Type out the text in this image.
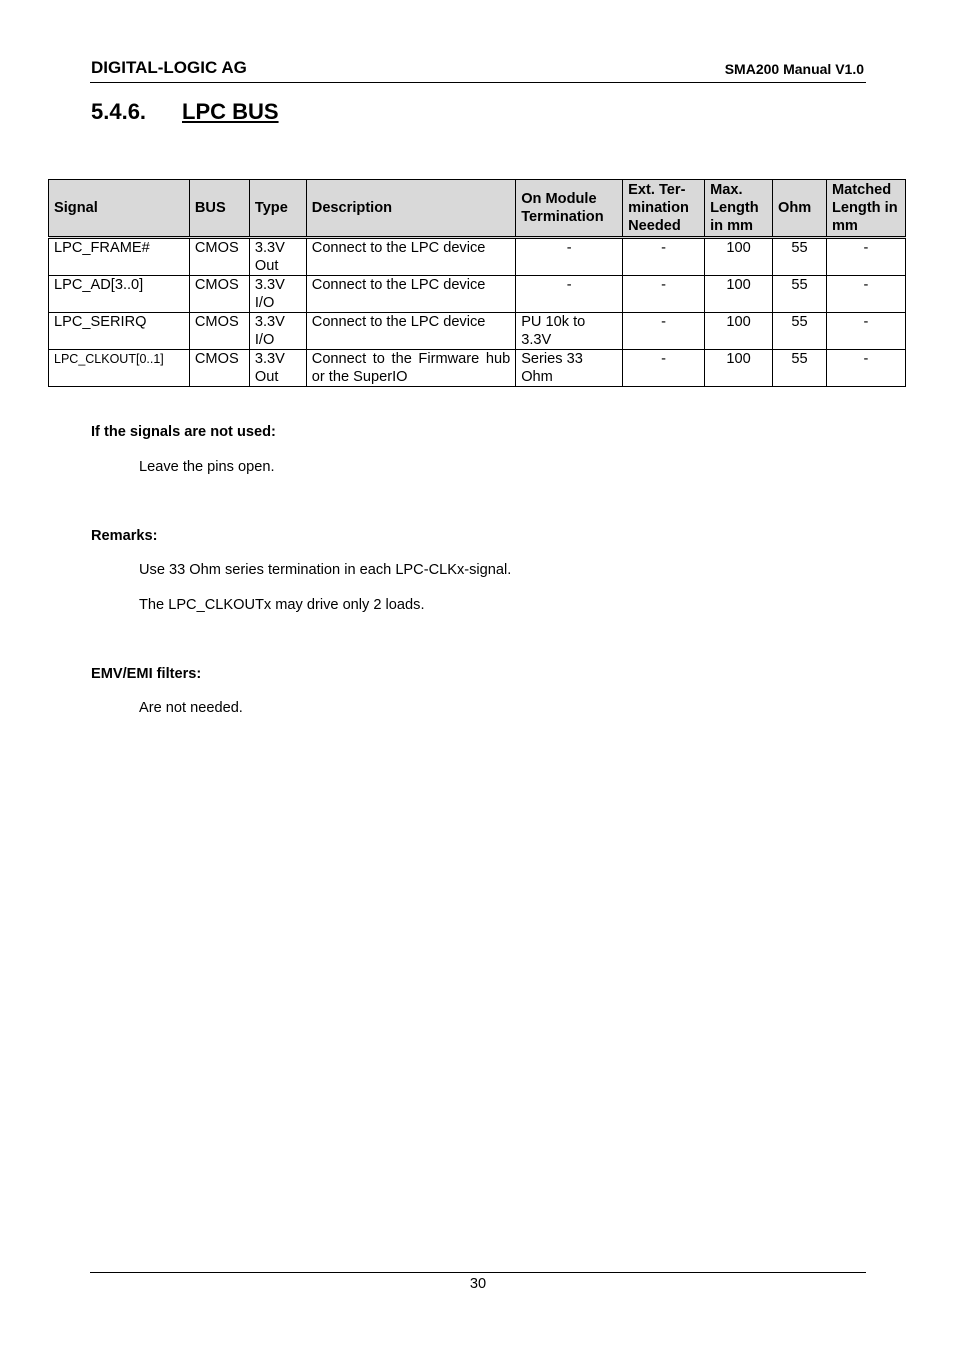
DIGITAL-LOGIC AG	SMA200 Manual V1.0
5.4.6. LPC BUS
Signal	BUS	Type	Description	On Module Termination	Ext. Ter-mination Needed	Max. Length in mm	Ohm	Matched Length in mm
LPC_FRAME#	CMOS	3.3V Out	Connect to the LPC device	-	-	100	55	-
LPC_AD[3..0]	CMOS	3.3V I/O	Connect to the LPC device	-	-	100	55	-
LPC_SERIRQ	CMOS	3.3V I/O	Connect to the LPC device	PU 10k to 3.3V	-	100	55	-
LPC_CLKOUT[0..1]	CMOS	3.3V Out	Connect to the Firmware hub or the SuperIO	Series 33 Ohm	-	100	55	-
If the signals are not used:
Leave the pins open.
Remarks:
Use 33 Ohm series termination in each LPC-CLKx-signal.
The LPC_CLKOUTx may drive only 2 loads.
EMV/EMI filters:
Are not needed.
30
